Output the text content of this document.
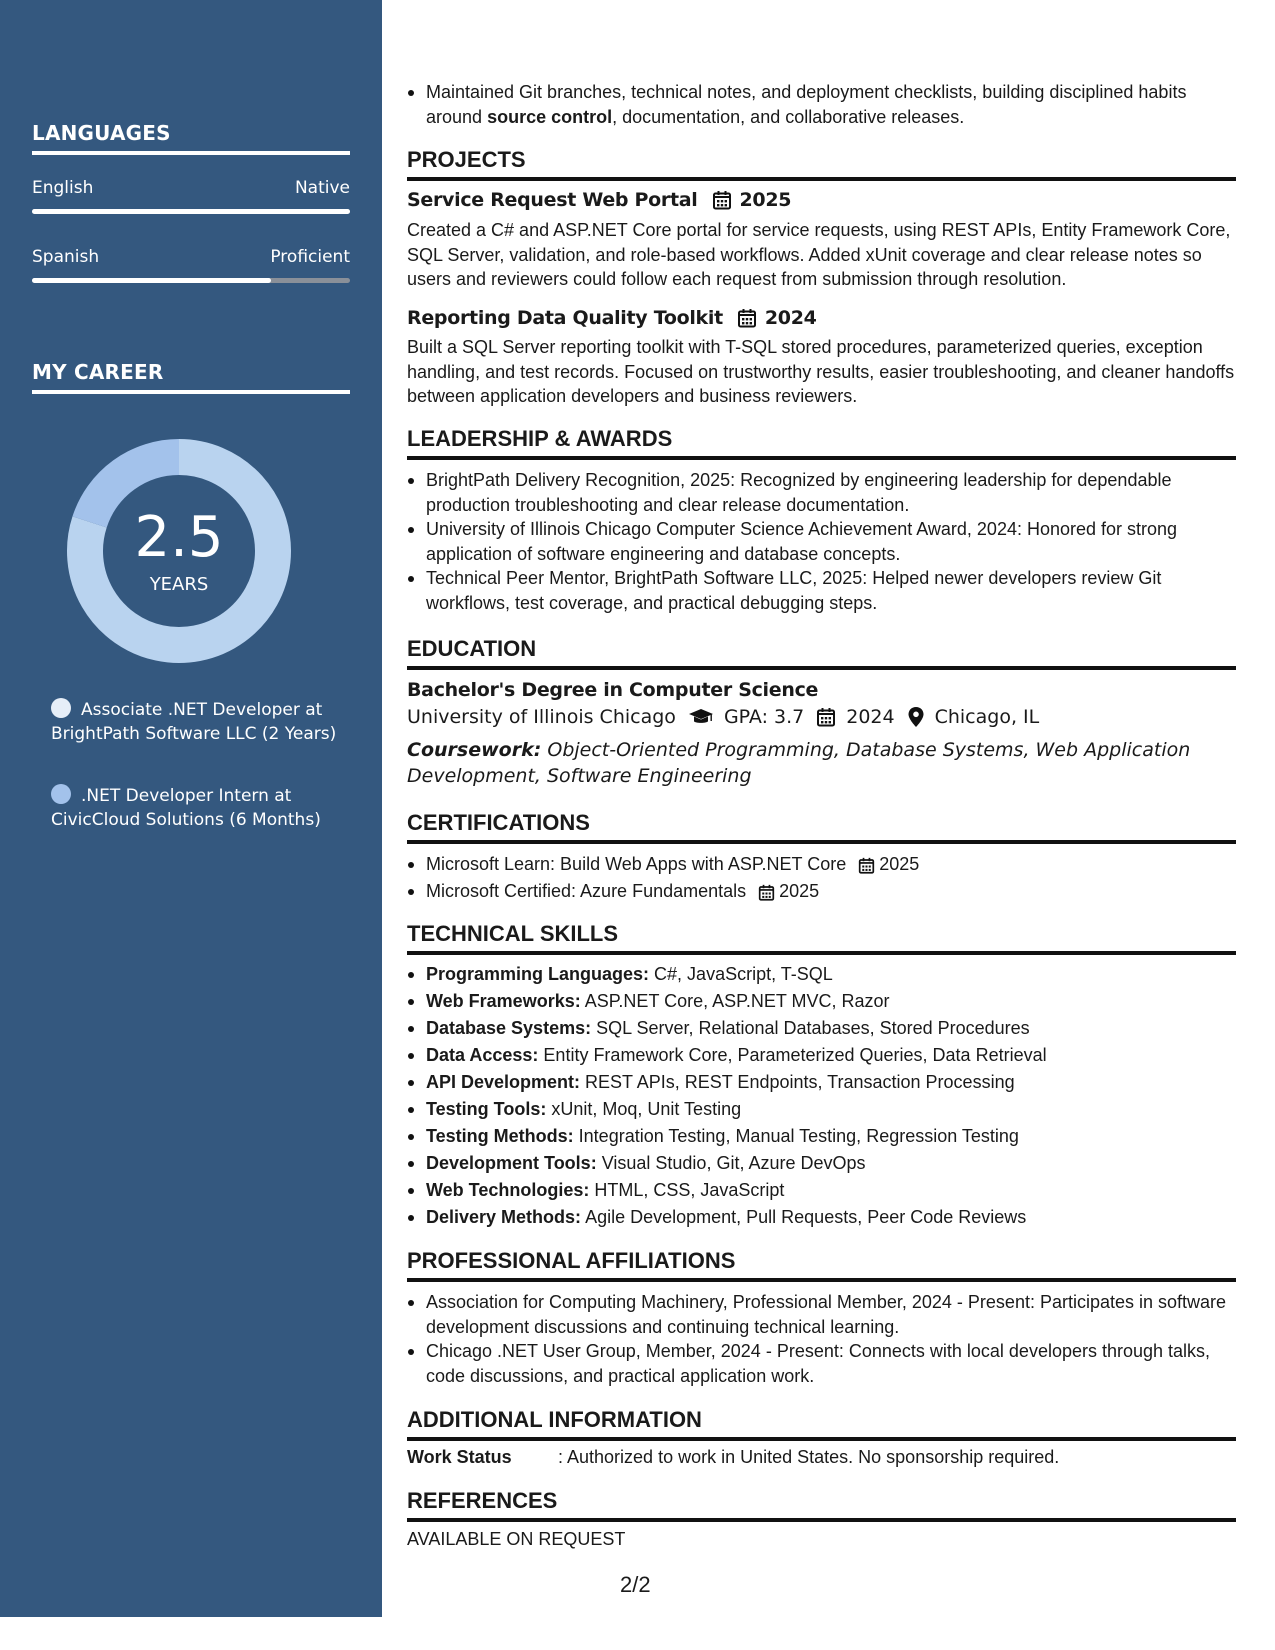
LANGUAGES
English	Native
Spanish	Proficient
MY CAREER
2.5
YEARS
Associate .NET Developer at BrightPath Software LLC (2 Years)
.NET Developer Intern at CivicCloud Solutions (6 Months)
Maintained Git branches, technical notes, and deployment checklists, building disciplined habits around source control, documentation, and collaborative releases.
PROJECTS
Service Request Web Portal 2025
Created a C# and ASP.NET Core portal for service requests, using REST APIs, Entity Framework Core, SQL Server, validation, and role-based workflows. Added xUnit coverage and clear release notes so users and reviewers could follow each request from submission through resolution.
Reporting Data Quality Toolkit 2024
Built a SQL Server reporting toolkit with T-SQL stored procedures, parameterized queries, exception handling, and test records. Focused on trustworthy results, easier troubleshooting, and cleaner handoffs between application developers and business reviewers.
LEADERSHIP & AWARDS
BrightPath Delivery Recognition, 2025: Recognized by engineering leadership for dependable production troubleshooting and clear release documentation.
University of Illinois Chicago Computer Science Achievement Award, 2024: Honored for strong application of software engineering and database concepts.
Technical Peer Mentor, BrightPath Software LLC, 2025: Helped newer developers review Git workflows, test coverage, and practical debugging steps.
EDUCATION
Bachelor's Degree in Computer Science
University of Illinois Chicago	GPA: 3.7 2024 Chicago, IL
Coursework: Object-Oriented Programming, Database Systems, Web Application Development, Software Engineering
CERTIFICATIONS
Microsoft Learn: Build Web Apps with ASP.NET Core 2025
Microsoft Certified: Azure Fundamentals 2025
TECHNICAL SKILLS
Programming Languages: C#, JavaScript, T-SQL
Web Frameworks: ASP.NET Core, ASP.NET MVC, Razor
Database Systems: SQL Server, Relational Databases, Stored Procedures
Data Access: Entity Framework Core, Parameterized Queries, Data Retrieval
API Development: REST APIs, REST Endpoints, Transaction Processing
Testing Tools: xUnit, Moq, Unit Testing
Testing Methods: Integration Testing, Manual Testing, Regression Testing
Development Tools: Visual Studio, Git, Azure DevOps
Web Technologies: HTML, CSS, JavaScript
Delivery Methods: Agile Development, Pull Requests, Peer Code Reviews
PROFESSIONAL AFFILIATIONS
Association for Computing Machinery, Professional Member, 2024 - Present: Participates in software development discussions and continuing technical learning.
Chicago .NET User Group, Member, 2024 - Present: Connects with local developers through talks, code discussions, and practical application work.
ADDITIONAL INFORMATION
Work Status	: Authorized to work in United States. No sponsorship required.
REFERENCES
AVAILABLE ON REQUEST
2/2
